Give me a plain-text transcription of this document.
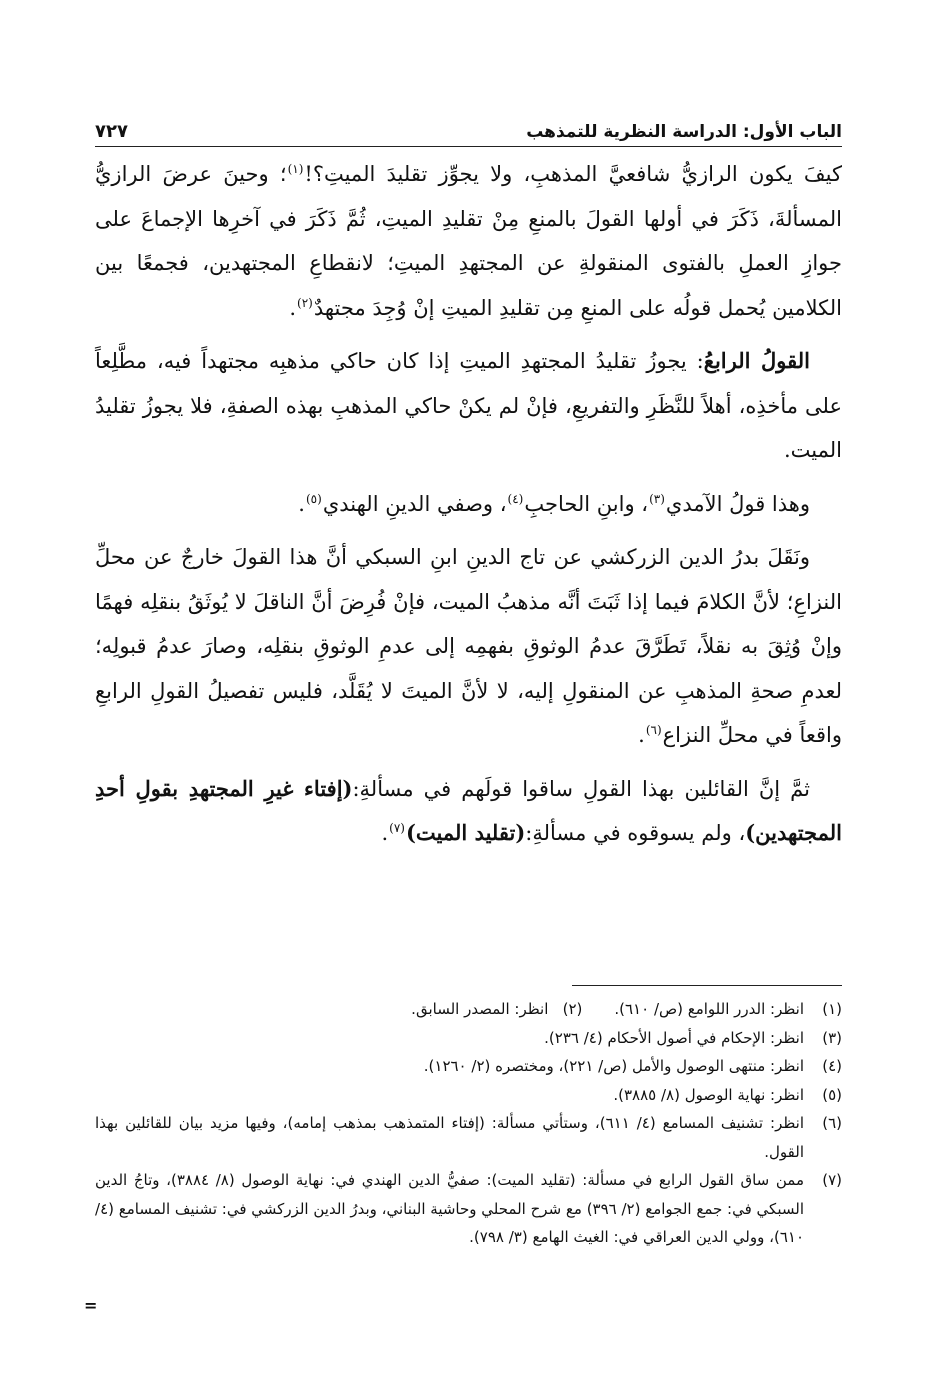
الباب الأول: الدراسة النظرية للتمذهب
٧٢٧

كيفَ يكون الرازيُّ شافعيَّ المذهبِ، ولا يجوِّز تقليدَ الميتِ؟!$^{(١)}$؛ وحينَ عرضَ الرازيُّ المسألةَ، ذَكَرَ في أولها القولَ بالمنعِ مِنْ تقليدِ الميتِ، ثُمَّ ذَكَرَ في آخرِها الإجماعَ على جوازِ العملِ بالفتوى المنقولةِ عن المجتهدِ الميتِ؛ لانقطاعِ المجتهدين، فجمعًا بين الكلامين يُحمل قولُه على المنعِ مِن تقليدِ الميتِ إنْ وُجِدَ مجتهدٌ$^{(٢)}$.

القولُ الرابعُ: يجوزُ تقليدُ المجتهدِ الميتِ إذا كان حاكي مذهبِه مجتهداً فيه، مطَّلِعاً على مأخذِه، أهلاً للنَّظَرِ والتفريعِ، فإنْ لم يكنْ حاكي المذهبِ بهذه الصفةِ، فلا يجوزُ تقليدُ الميت.

وهذا قولُ الآمدي$^{(٣)}$، وابنِ الحاجبِ$^{(٤)}$، وصفي الدينِ الهندي$^{(٥)}$.

ونَقَلَ بدرُ الدين الزركشي عن تاج الدينِ ابنِ السبكي أنَّ هذا القولَ خارجٌ عن محلِّ النزاعِ؛ لأنَّ الكلامَ فيما إذا ثَبَتَ أنَّه مذهبُ الميت، فإنْ فُرِضَ أنَّ الناقلَ لا يُوثَقُ بنقلِه فهمًا وإنْ وُثِقَ به نقلاً، تَطَرَّقَ عدمُ الوثوقِ بفهمِه إلى عدمِ الوثوقِ بنقلِه، وصارَ عدمُ قبولِه؛ لعدمِ صحةِ المذهبِ عن المنقولِ إليه، لا لأنَّ الميتَ لا يُقَلَّد، فليس تفصيلُ القولِ الرابعِ واقعاً في محلِّ النزاع$^{(٦)}$.

ثمَّ إنَّ القائلين بهذا القولِ ساقوا قولَهم في مسألةِ:(إفتاء غيرِ المجتهدِ بقولِ أحدِ المجتهدين)، ولم يسوقوه في مسألةِ:(تقليد الميت)$^{(٧)}$.

(١)
انظر: الدرر اللوامع (ص/ ٦١٠).
(٢)
انظر: المصدر السابق.
(٣)
انظر: الإحكام في أصول الأحكام (٤/ ٢٣٦).
(٤)
انظر: منتهى الوصول والأمل (ص/ ٢٢١)، ومختصره (٢/ ١٢٦٠).
(٥)
انظر: نهاية الوصول (٨/ ٣٨٨٥).
(٦)
انظر: تشنيف المسامع (٤/ ٦١١)، وستأتي مسألة: (إفتاء المتمذهب بمذهب إمامه)، وفيها مزيد بيان للقائلين بهذا القول.
(٧)
ممن ساق القول الرابع في مسألة: (تقليد الميت): صفيُّ الدين الهندي في: نهاية الوصول (٨/ ٣٨٨٤)، وتاجُ الدين السبكي في: جمع الجوامع (٢/ ٣٩٦) مع شرح المحلي وحاشية البناني، وبدرُ الدين الزركشي في: تشنيف المسامع (٤/ ٦١٠)، وولي الدين العراقي في: الغيث الهامع (٣/ ٧٩٨).
=
